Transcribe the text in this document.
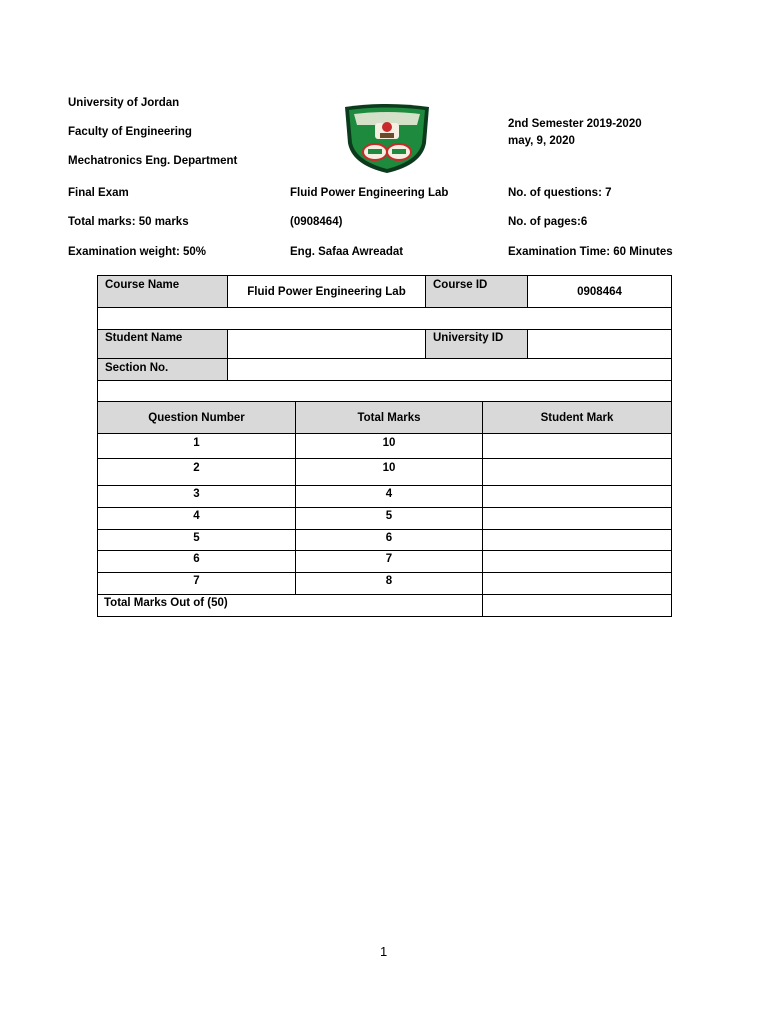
University of Jordan
Faculty of Engineering
Mechatronics Eng. Department
2nd Semester 2019-2020
may, 9, 2020
Final Exam
Total marks: 50 marks
Examination weight: 50%
Fluid Power Engineering Lab
(0908464)
Eng. Safaa Awreadat
No. of questions: 7
No. of pages:6
Examination Time: 60 Minutes
Course Name	Fluid Power Engineering Lab	Course ID	0908464

Student Name		University ID	
Section No.			

Question Number	Total Marks	Student Mark
1	10	
2	10	
3	4	
4	5	
5	6	
6	7	
7	8	
Total Marks Out of (50)		
1
